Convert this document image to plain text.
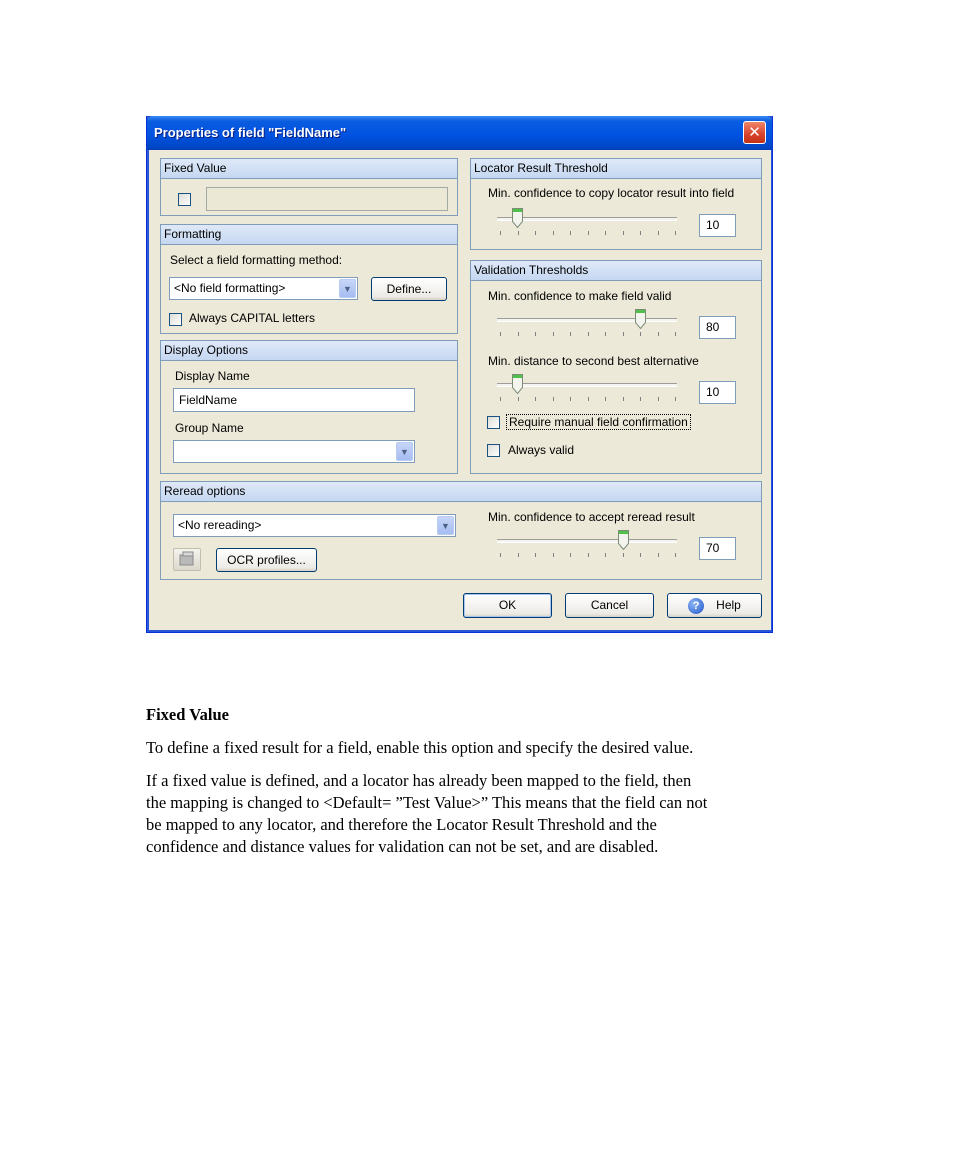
Properties of field "FieldName"	✕
Fixed Value
Formatting
Select a field formatting method:
<No field formatting>	▼	Define...
Always CAPITAL letters
Display Options
Display Name
FieldName
Group Name
▼
Locator Result Threshold
Min. confidence to copy locator result into field
10
Validation Thresholds
Min. confidence to make field valid
80
Min. distance to second best alternative
10
Require manual field confirmation
Always valid
Reread options
<No rereading>	▼
OCR profiles...
Min. confidence to accept reread result
70
OK	Cancel	? Help
Fixed Value
To define a fixed result for a field, enable this option and specify the desired value.
If a fixed value is defined, and a locator has already been mapped to the field, then
the mapping is changed to <Default= ”Test Value>” This means that the field can not
be mapped to any locator, and therefore the Locator Result Threshold and the
confidence and distance values for validation can not be set, and are disabled.
